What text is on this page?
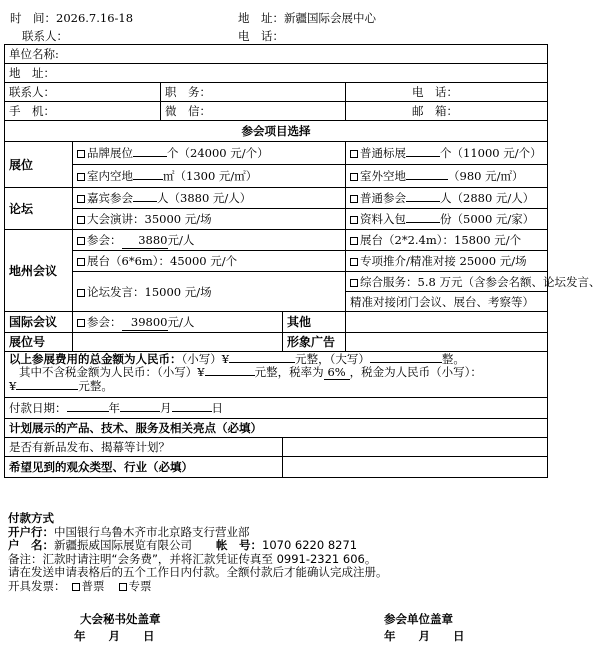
时　间：2026.7.16-18	地　址：新疆国际会展中心
联系人：	电　话：
单位名称:				
地　址：				
联系人：		职　务：		电　话：
手　机：		微　信：		邮　箱：
参会项目选择				
展位	品牌展位 个（24000 元/个）			普通标展 个（11000 元/个）
	室内空地 ㎡（1300 元/㎡）			室外空地 （980 元/㎡）
论坛	嘉宾参会 人（3880 元/人）			普通参会 人（2880 元/人）
	大会演讲：35000 元/场			资料入包 份（5000 元/家）
地州会议	参会： 3880元/人			展台（2*2.4m）：15800 元/个
	展台（6*6m）：45000 元/个			专项推介/精准对接 25000 元/场
	论坛发言：15000 元/场			综合服务：5.8 万元（含参会名额、论坛发言、
				精准对接闭门会议、展台、考察等）
国际会议	参会： 39800元/人		其他	
展位号			形象广告	

以上参展费用的总金额为人民币：（小写）¥ 元整，（大写） 整。
其中不含税金额为人民币：（小写）¥ 元整，税率为 6% ，税金为人民币（小写）：
¥ 元整。				

付款日期： 年 月 日				
计划展示的产品、技术、服务及相关亮点（必填）				
是否有新品发布、揭幕等计划？				
希望见到的观众类型、行业（必填）				
付款方式
开户行：中国银行乌鲁木齐市北京路支行营业部
户　名：新疆振威国际展览有限公司 帐　号：1070 6220 8271
备注：汇款时请注明“会务费”，并将汇款凭证传真至 0991-2321 606。
请在发送申请表格后的五个工作日内付款。全额付款后才能确认完成注册。
开具发票： 普票 专票
大会秘书处盖章	参会单位盖章
年　　月　　日	年　　月　　日
